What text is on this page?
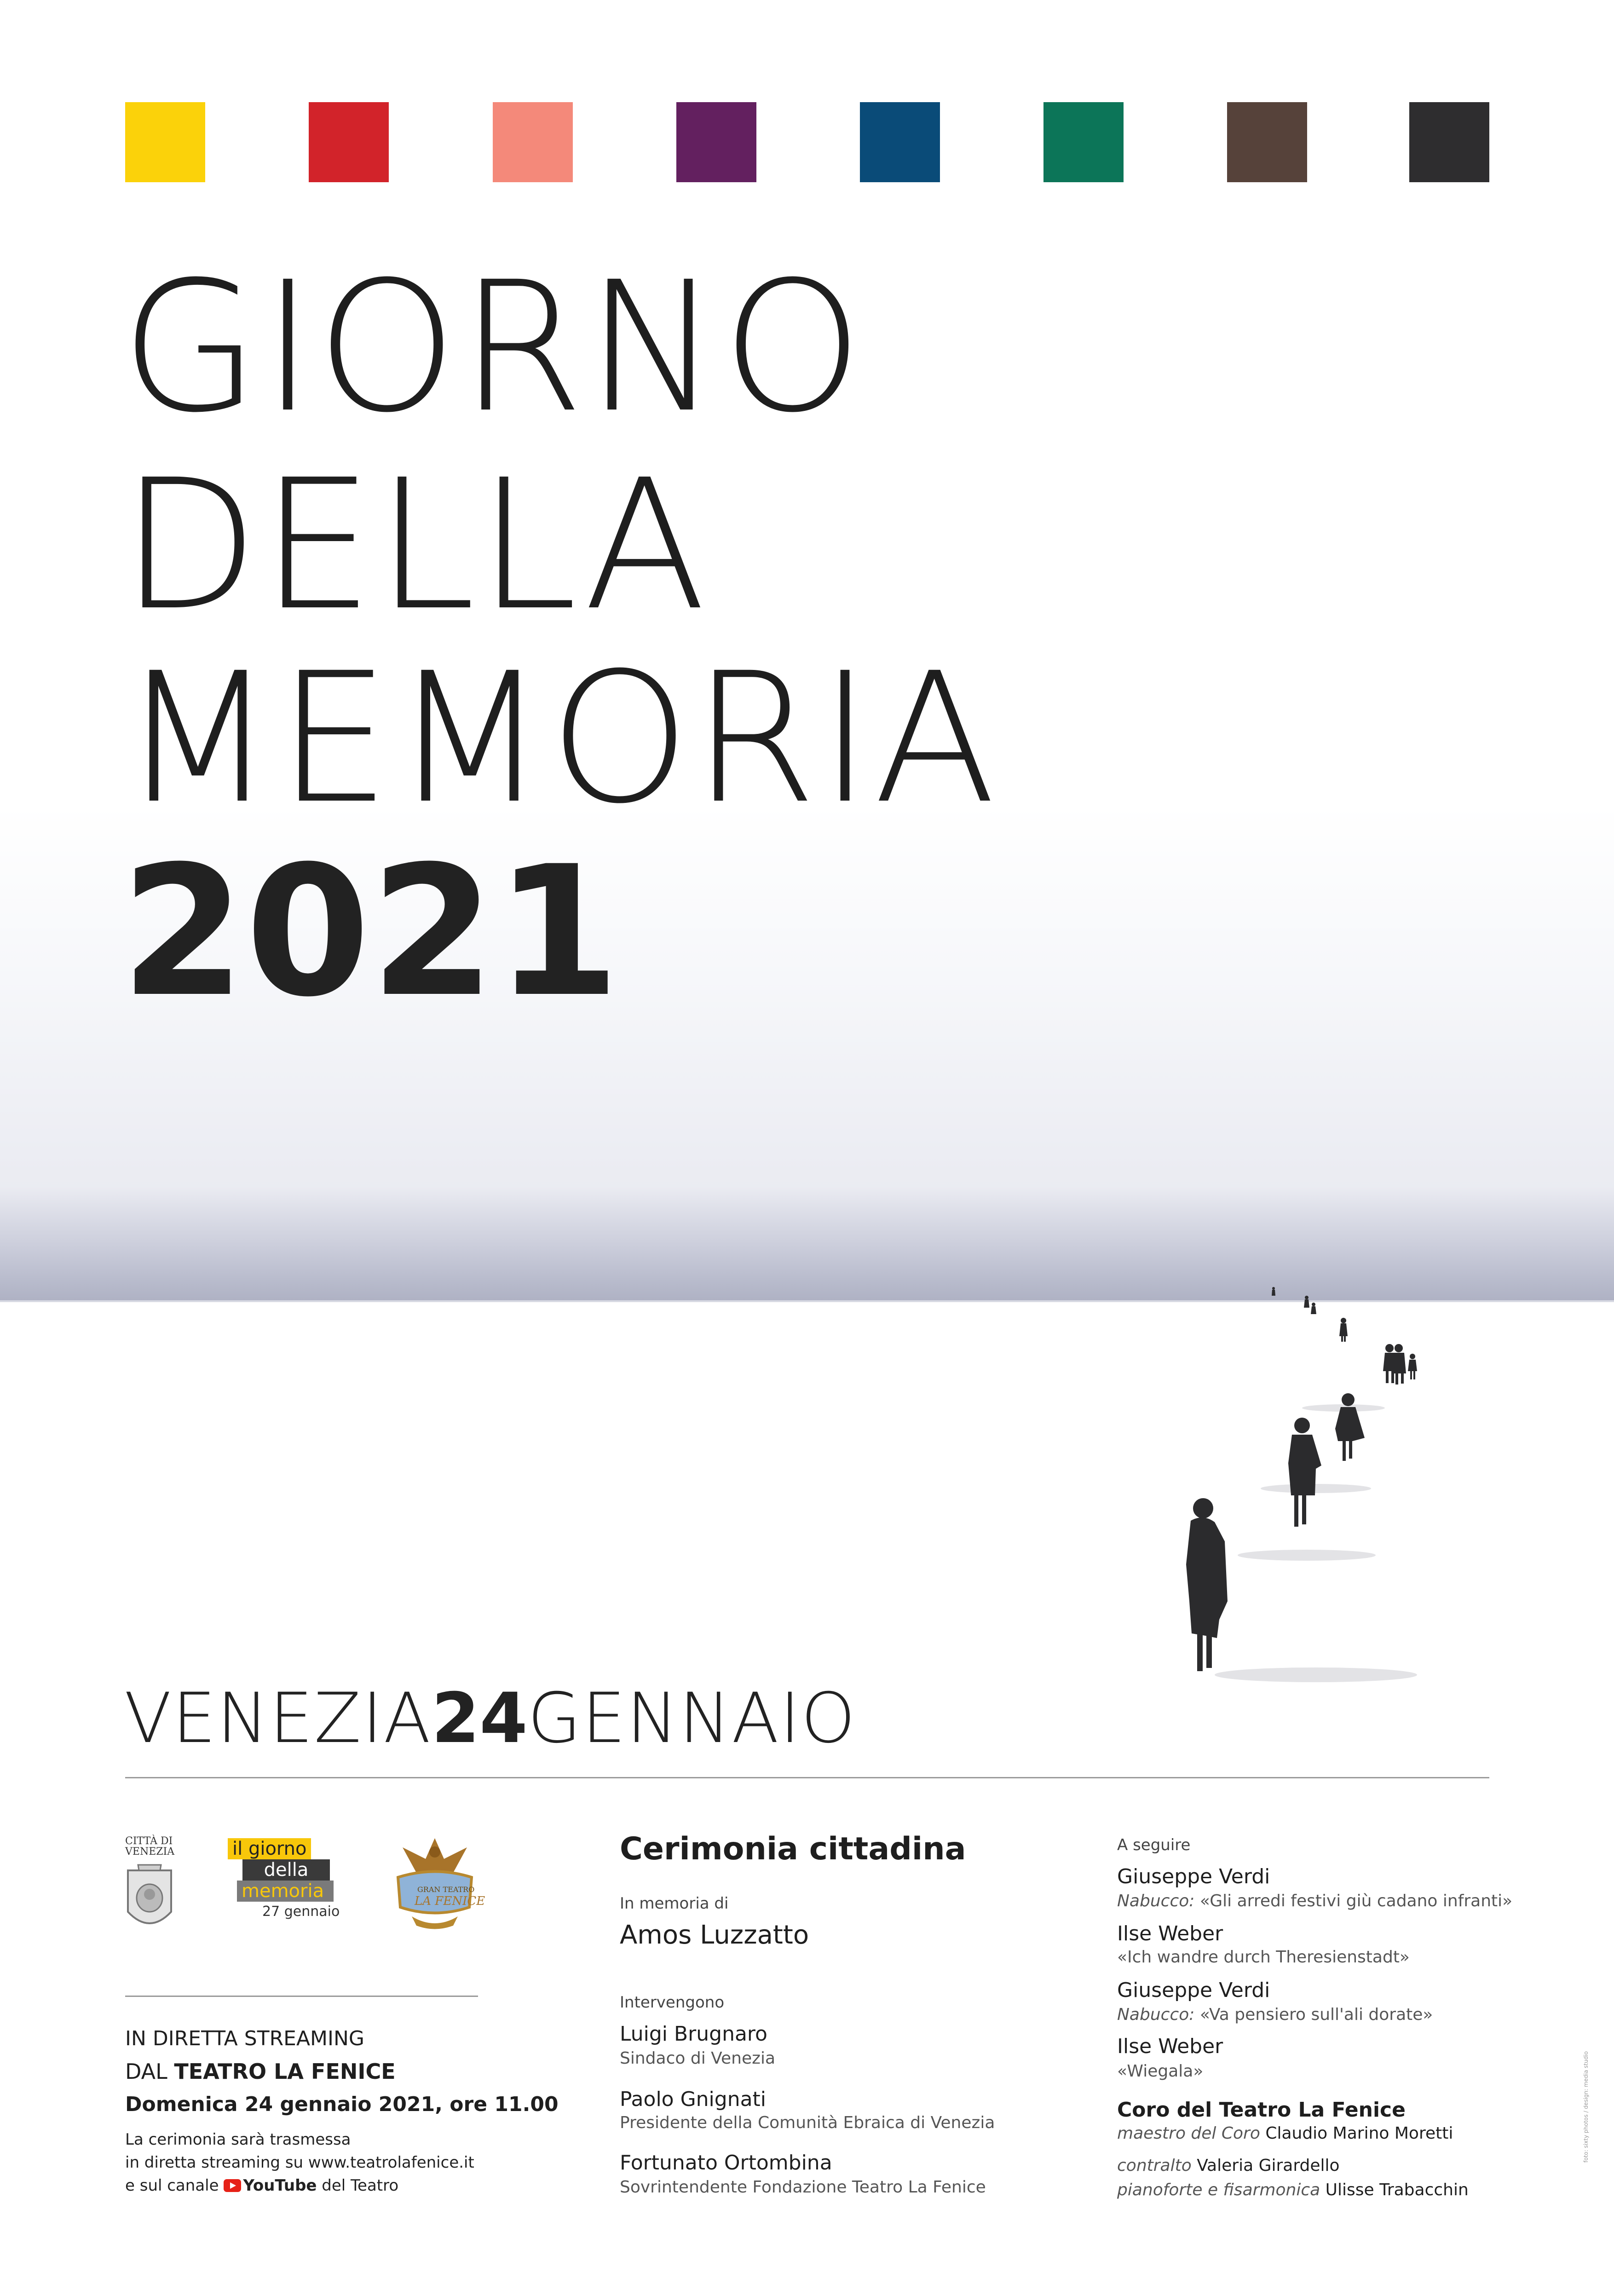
GIORNO
DELLA
MEMORIA
2021
VENEZIA24GENNAIO
CITTÀ DI
VENEZIA	il giorno
della
memoria
27 gennaio
GRAN TEATRO
LA FENICE
IN DIRETTA STREAMING
DAL TEATRO LA FENICE
Domenica 24 gennaio 2021, ore 11.00
La cerimonia sarà trasmessa
in diretta streaming su www.teatrolafenice.it
e sul canale YouTube del Teatro
Cerimonia cittadina
In memoria di
Amos Luzzatto
Intervengono
Luigi Brugnaro
Sindaco di Venezia
Paolo Gnignati
Presidente della Comunità Ebraica di Venezia
Fortunato Ortombina
Sovrintendente Fondazione Teatro La Fenice
A seguire
Giuseppe Verdi
Nabucco: «Gli arredi festivi giù cadano infranti»
Ilse Weber
«Ich wandre durch Theresienstadt»
Giuseppe Verdi
Nabucco: «Va pensiero sull'ali dorate»
Ilse Weber
«Wiegala»
Coro del Teatro La Fenice
maestro del Coro Claudio Marino Moretti
contralto Valeria Girardello
pianoforte e fisarmonica Ulisse Trabacchin
foto: sixty photos / design: media studio
